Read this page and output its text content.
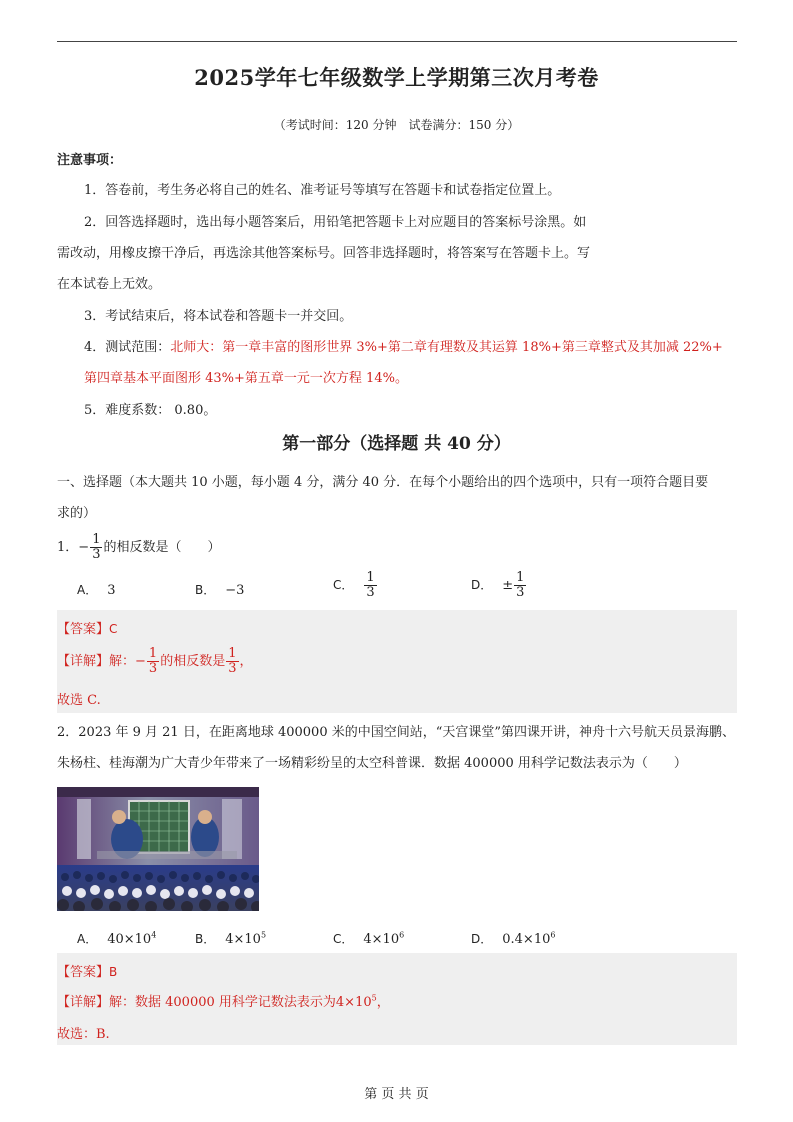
2025学年七年级数学上学期第三次月考卷
（考试时间：120 分钟　试卷满分：150 分）
注意事项：
1．答卷前，考生务必将自己的姓名、准考证号等填写在答题卡和试卷指定位置上。
2．回答选择题时，选出每小题答案后，用铅笔把答题卡上对应题目的答案标号涂黑。如
需改动，用橡皮擦干净后，再选涂其他答案标号。回答非选择题时，将答案写在答题卡上。写
在本试卷上无效。
3．考试结束后，将本试卷和答题卡一并交回。
4．测试范围：北师大：第一章丰富的图形世界 3%+第二章有理数及其运算 18%+第三章整式及其加减 22%+
第四章基本平面图形 43%+第五章一元一次方程 14%。
5．难度系数： 0.80。
第一部分（选择题 共 40 分）
一、选择题（本大题共 10 小题，每小题 4 分，满分 40 分．在每个小题给出的四个选项中，只有一项符合题目要
求的）
1．− $\frac{1}{3}$ 的相反数是（　　）
A． 3	B． −3	C． $\frac{1}{3}$	D． ± $\frac{1}{3}$
【答案】C
【详解】解：− $\frac{1}{3}$ 的相反数是 $\frac{1}{3}$ ，
故选 C.
2．2023 年 9 月 21 日，在距离地球 400000 米的中国空间站，“天宫课堂”第四课开讲，神舟十六号航天员景海鹏、
朱杨柱、桂海潮为广大青少年带来了一场精彩纷呈的太空科普课．数据 400000 用科学记数法表示为（　　）
A． $40\times 10^4$	B． $4\times 10^5$	C． $4\times 10^6$	D． $0.4\times 10^6$
【答案】B
【详解】解：数据 400000 用科学记数法表示为$4\times 10^5$，
故选：B.
第 页 共 页
